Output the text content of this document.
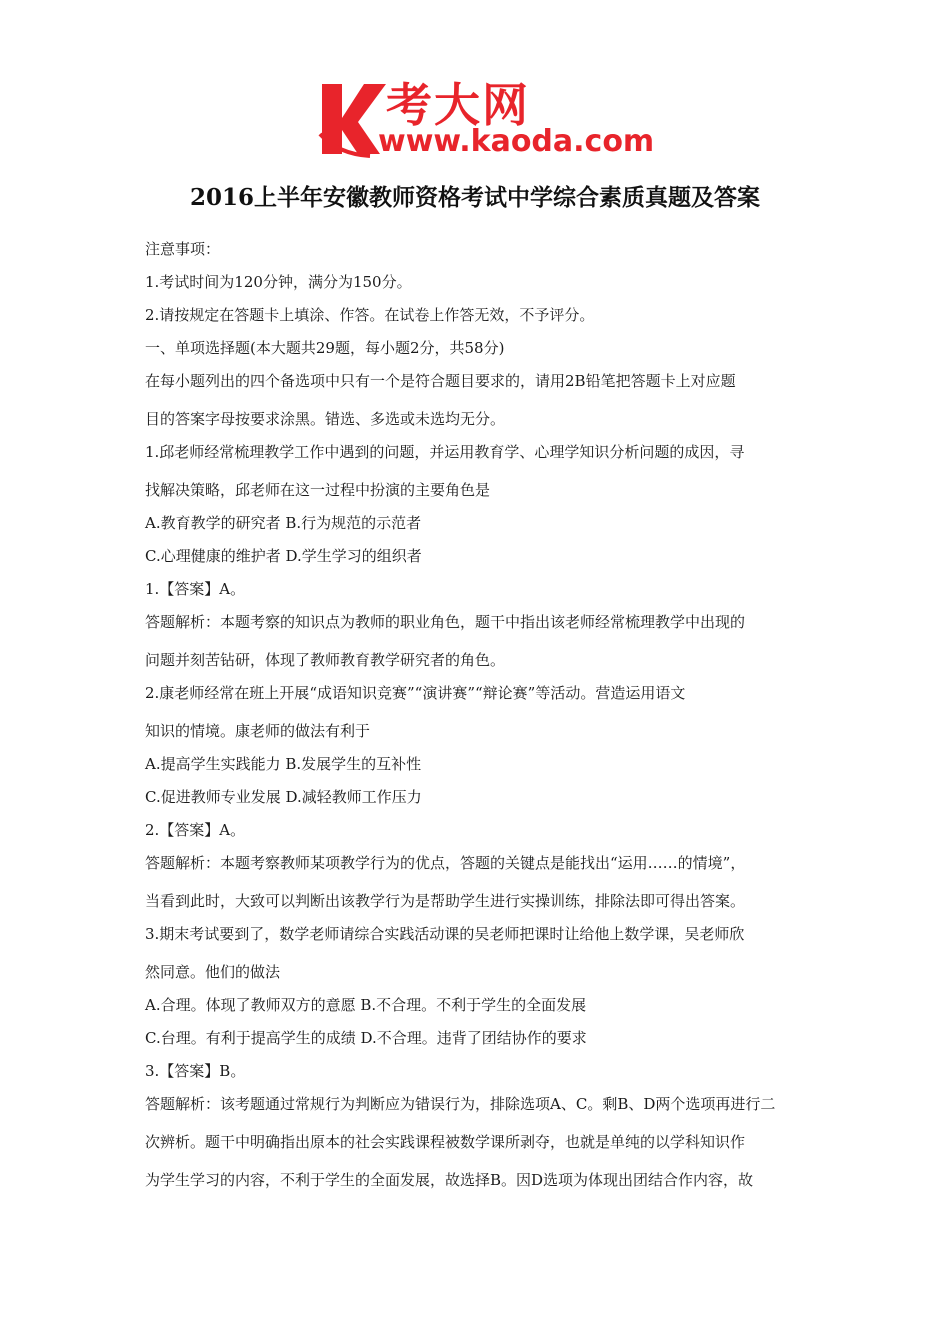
考大网
www.kaoda.com
2016上半年安徽教师资格考试中学综合素质真题及答案
注意事项：
1.考试时间为120分钟，满分为150分。
2.请按规定在答题卡上填涂、作答。在试卷上作答无效，不予评分。
一、单项选择题(本大题共29题，每小题2分，共58分)
在每小题列出的四个备选项中只有一个是符合题目要求的，请用2B铅笔把答题卡上对应题
目的答案字母按要求涂黑。错选、多选或未选均无分。
1.邱老师经常梳理教学工作中遇到的问题，并运用教育学、心理学知识分析问题的成因，寻
找解决策略，邱老师在这一过程中扮演的主要角色是
A.教育教学的研究者 B.行为规范的示范者
C.心理健康的维护者 D.学生学习的组织者
1.【答案】A。
答题解析：本题考察的知识点为教师的职业角色，题干中指出该老师经常梳理教学中出现的
问题并刻苦钻研，体现了教师教育教学研究者的角色。
2.康老师经常在班上开展“成语知识竞赛”“演讲赛”“辩论赛”等活动。营造运用语文
知识的情境。康老师的做法有利于
A.提高学生实践能力 B.发展学生的互补性
C.促进教师专业发展 D.减轻教师工作压力
2.【答案】A。
答题解析：本题考察教师某项教学行为的优点，答题的关键点是能找出“运用……的情境”，
当看到此时，大致可以判断出该教学行为是帮助学生进行实操训练，排除法即可得出答案。
3.期末考试要到了，数学老师请综合实践活动课的吴老师把课时让给他上数学课，吴老师欣
然同意。他们的做法
A.合理。体现了教师双方的意愿 B.不合理。不利于学生的全面发展
C.台理。有利于提高学生的成绩 D.不合理。违背了团结协作的要求
3.【答案】B。
答题解析：该考题通过常规行为判断应为错误行为，排除选项A、C。剩B、D两个选项再进行二
次辨析。题干中明确指出原本的社会实践课程被数学课所剥夺，也就是单纯的以学科知识作
为学生学习的内容，不利于学生的全面发展，故选择B。因D选项为体现出团结合作内容，故
